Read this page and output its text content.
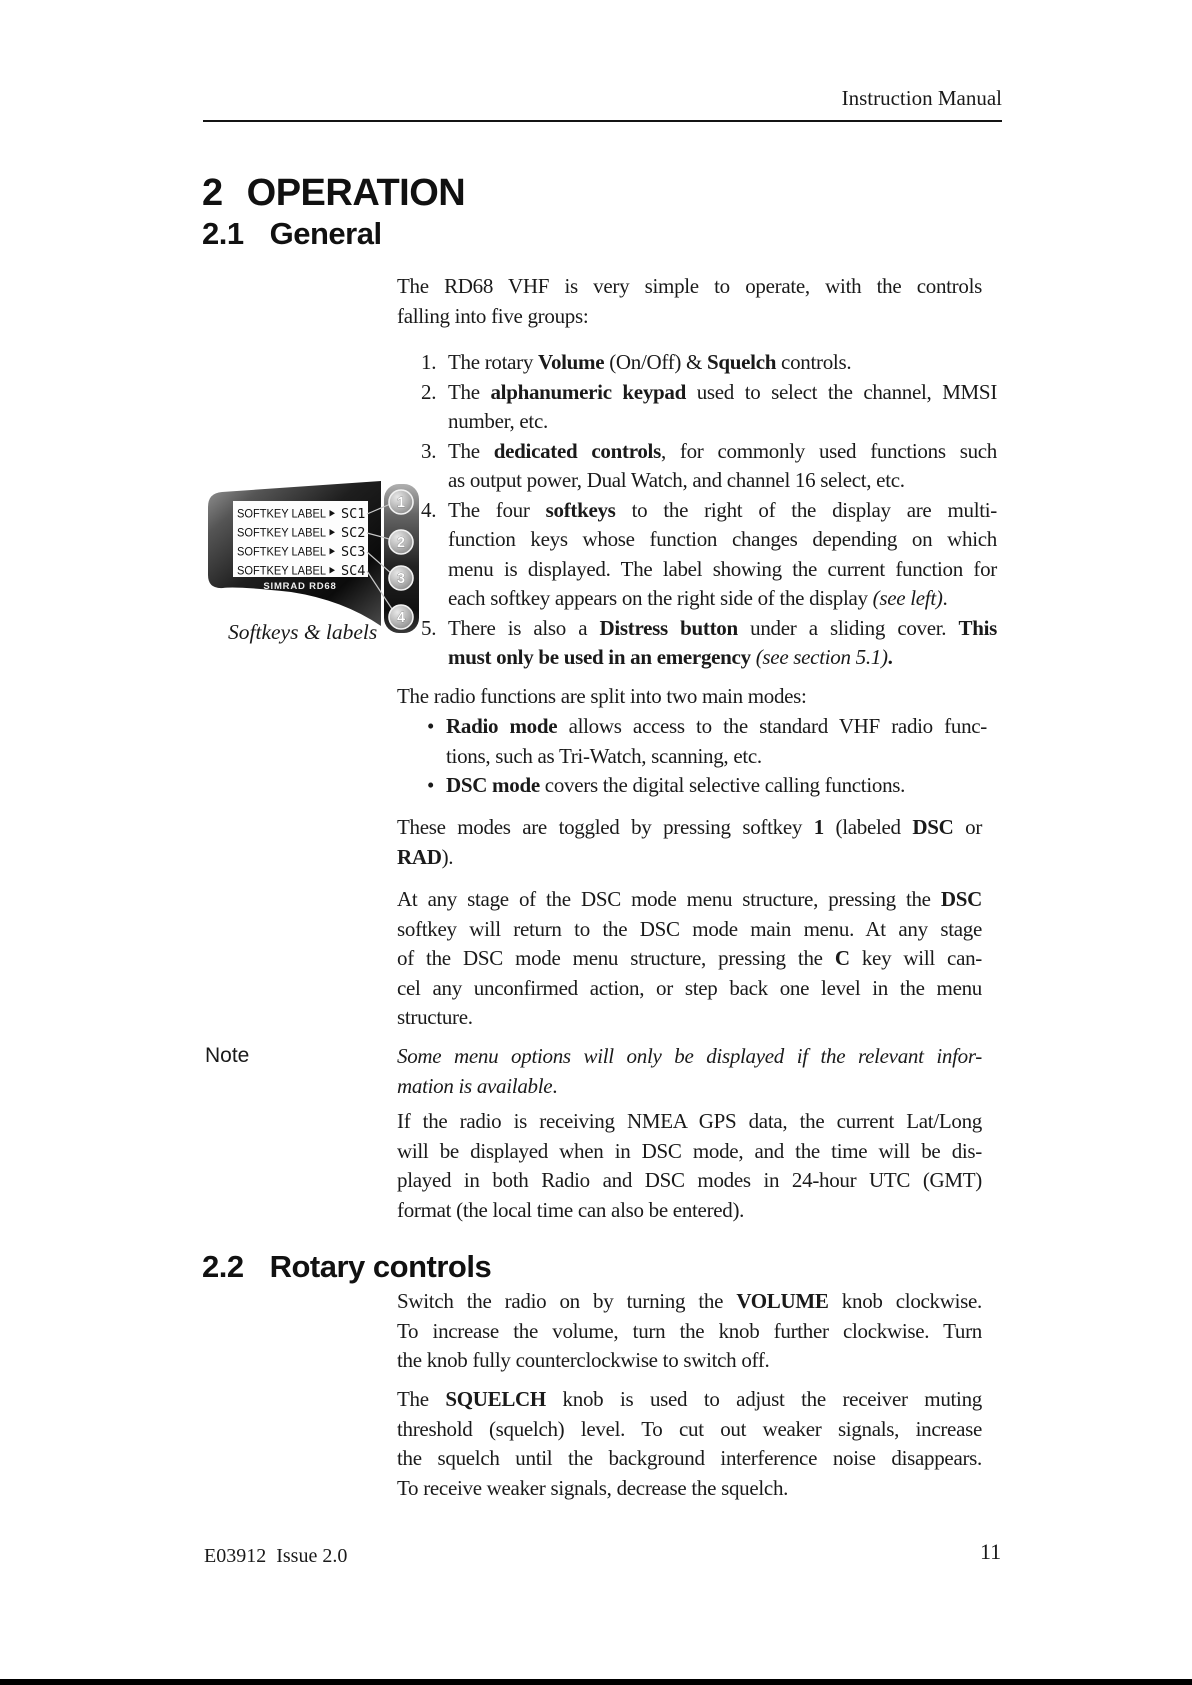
Instruction Manual
2 OPERATION
2.1 General
The RD68 VHF is very simple to operate, with the controls
falling into five groups:
1. The rotary Volume (On/Off) & Squelch controls.
2. The alphanumeric keypad used to select the channel, MMSI
number, etc.
3. The dedicated controls, for commonly used functions such
as output power, Dual Watch, and channel 16 select, etc.
4. The four softkeys to the right of the display are multi-
function keys whose function changes depending on which
menu is displayed. The label showing the current function for
each softkey appears on the right side of the display (see left).
5. There is also a Distress button under a sliding cover. This
must only be used in an emergency (see section 5.1).
SOFTKEY LABEL SC1
SOFTKEY LABEL SC2
SOFTKEY LABEL SC3
SOFTKEY LABEL SC4
SIMRAD RD68
1
2
3
4
Softkeys & labels
The radio functions are split into two main modes:
• Radio mode allows access to the standard VHF radio func-
tions, such as Tri-Watch, scanning, etc.
• DSC mode covers the digital selective calling functions.
These modes are toggled by pressing softkey 1 (labeled DSC or
RAD).
At any stage of the DSC mode menu structure, pressing the DSC
softkey will return to the DSC mode main menu. At any stage
of the DSC mode menu structure, pressing the C key will can-
cel any unconfirmed action, or step back one level in the menu
structure.
Note	Some menu options will only be displayed if the relevant infor-
mation is available.
If the radio is receiving NMEA GPS data, the current Lat/Long
will be displayed when in DSC mode, and the time will be dis-
played in both Radio and DSC modes in 24-hour UTC (GMT)
format (the local time can also be entered).
2.2 Rotary controls
Switch the radio on by turning the VOLUME knob clockwise.
To increase the volume, turn the knob further clockwise. Turn
the knob fully counterclockwise to switch off.
The SQUELCH knob is used to adjust the receiver muting
threshold (squelch) level. To cut out weaker signals, increase
the squelch until the background interference noise disappears.
To receive weaker signals, decrease the squelch.
E03912  Issue 2.0	11
